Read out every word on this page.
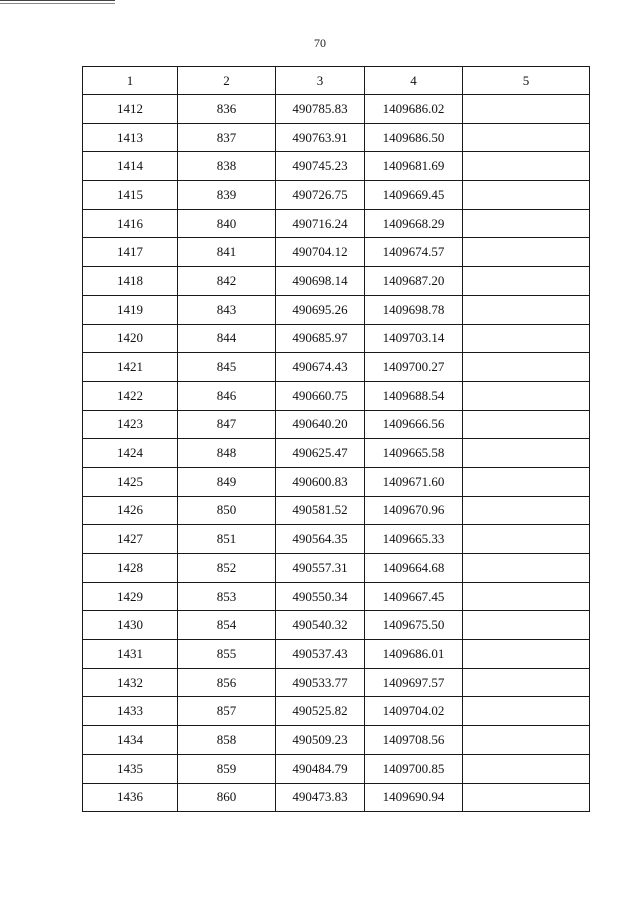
70
1	2	3	4	5
1412	836	490785.83	1409686.02	
1413	837	490763.91	1409686.50	
1414	838	490745.23	1409681.69	
1415	839	490726.75	1409669.45	
1416	840	490716.24	1409668.29	
1417	841	490704.12	1409674.57	
1418	842	490698.14	1409687.20	
1419	843	490695.26	1409698.78	
1420	844	490685.97	1409703.14	
1421	845	490674.43	1409700.27	
1422	846	490660.75	1409688.54	
1423	847	490640.20	1409666.56	
1424	848	490625.47	1409665.58	
1425	849	490600.83	1409671.60	
1426	850	490581.52	1409670.96	
1427	851	490564.35	1409665.33	
1428	852	490557.31	1409664.68	
1429	853	490550.34	1409667.45	
1430	854	490540.32	1409675.50	
1431	855	490537.43	1409686.01	
1432	856	490533.77	1409697.57	
1433	857	490525.82	1409704.02	
1434	858	490509.23	1409708.56	
1435	859	490484.79	1409700.85	
1436	860	490473.83	1409690.94	
